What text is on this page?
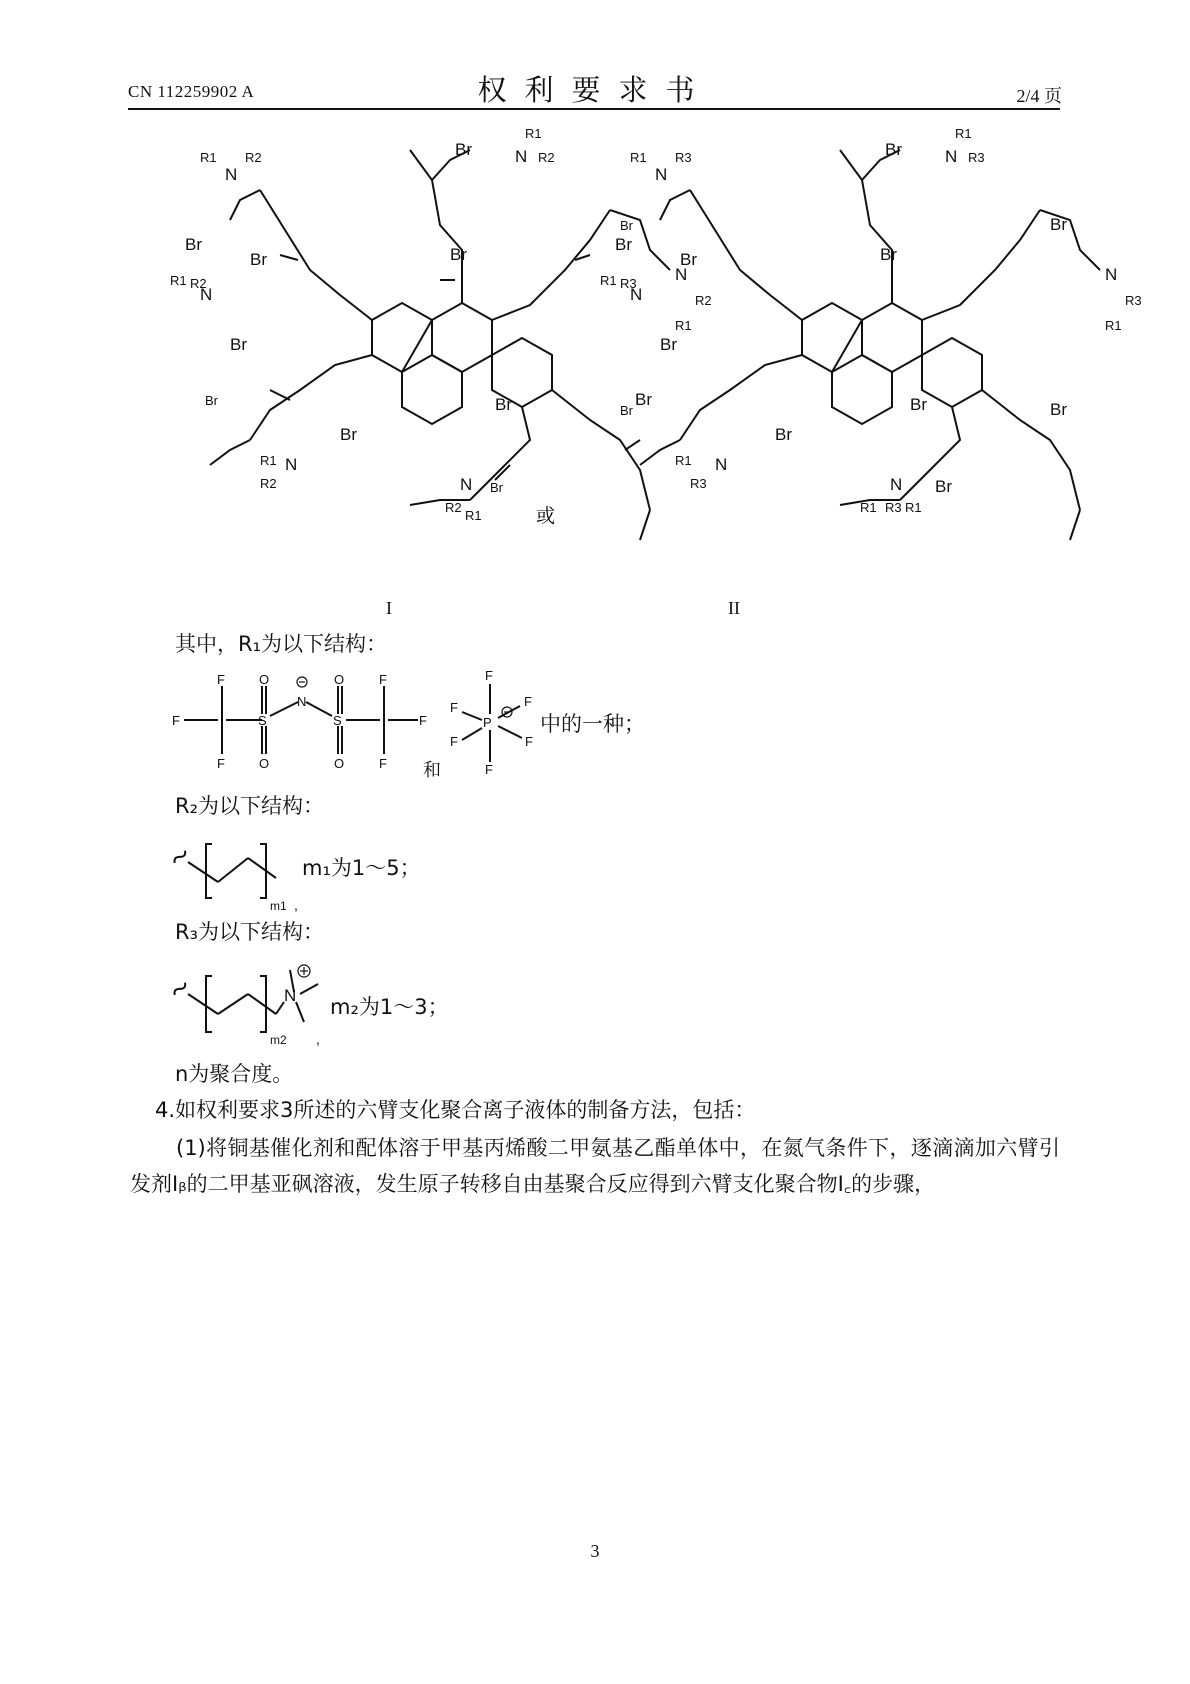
CN 112259902 A	权利要求书	2/4 页
Br	N
R1
R2
N
R1 R2
Br
Br
N
R1 R2
Br
Br
Br
Br
Br
Br
Br
Br
N
R2
R1
N
R1
R2	N
R2
R1	或
Br	N
R1
R3
N
R1 R3
Br
Br
N
R1 R3
Br
Br
Br
Br
Br
Br
Br
Br
N
R3
R1
N
R1
R3	N
R1 R3 R1
I	II
其中，R₁为以下结构：
F
F
F
S
O
O
N
S
O
O
F
F
F
和
F
F	F
P
F	F
F
中的一种；
R₂为以下结构：
m1 ,
m₁为1～5；
R₃为以下结构：
N
m2 ,
m₂为1～3；
n为聚合度。
4.如权利要求3所述的六臂支化聚合离子液体的制备方法，包括：
(1)将铜基催化剂和配体溶于甲基丙烯酸二甲氨基乙酯单体中，在氮气条件下，逐滴滴加六臂引发剂Iᵦ的二甲基亚砜溶液，发生原子转移自由基聚合反应得到六臂支化聚合物I꜀的步骤，
3
